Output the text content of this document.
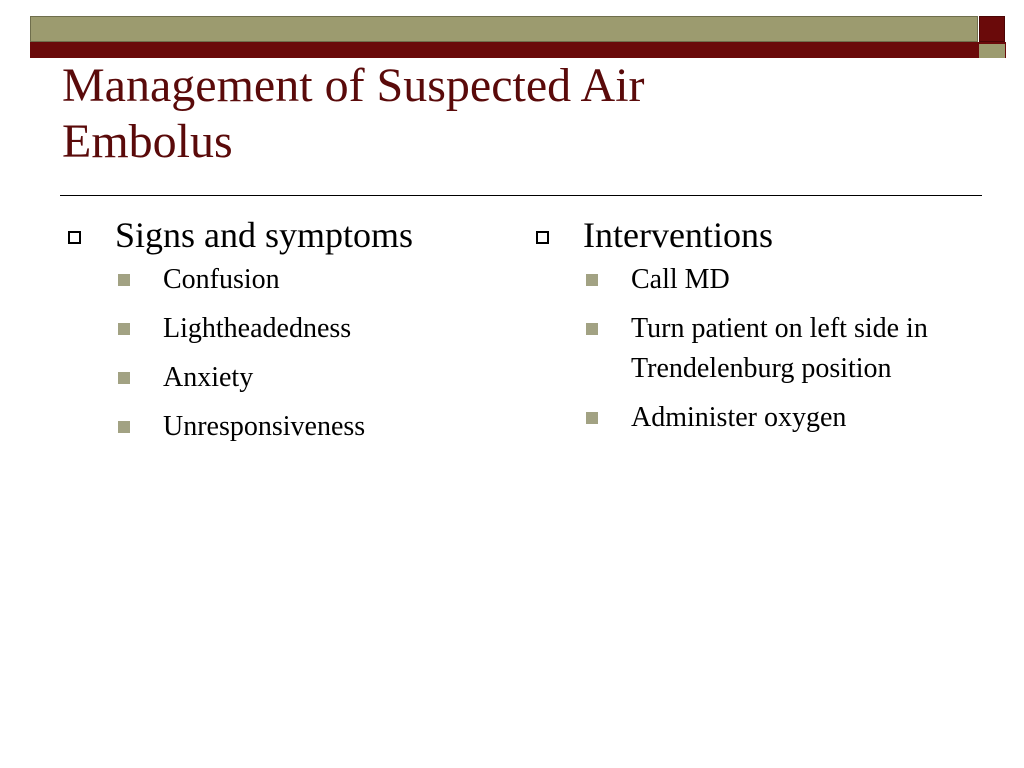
Management of Suspected Air
Embolus
Signs and symptoms
Confusion
Lightheadedness
Anxiety
Unresponsiveness
Interventions
Call MD
Turn patient on left side in Trendelenburg position
Administer oxygen
